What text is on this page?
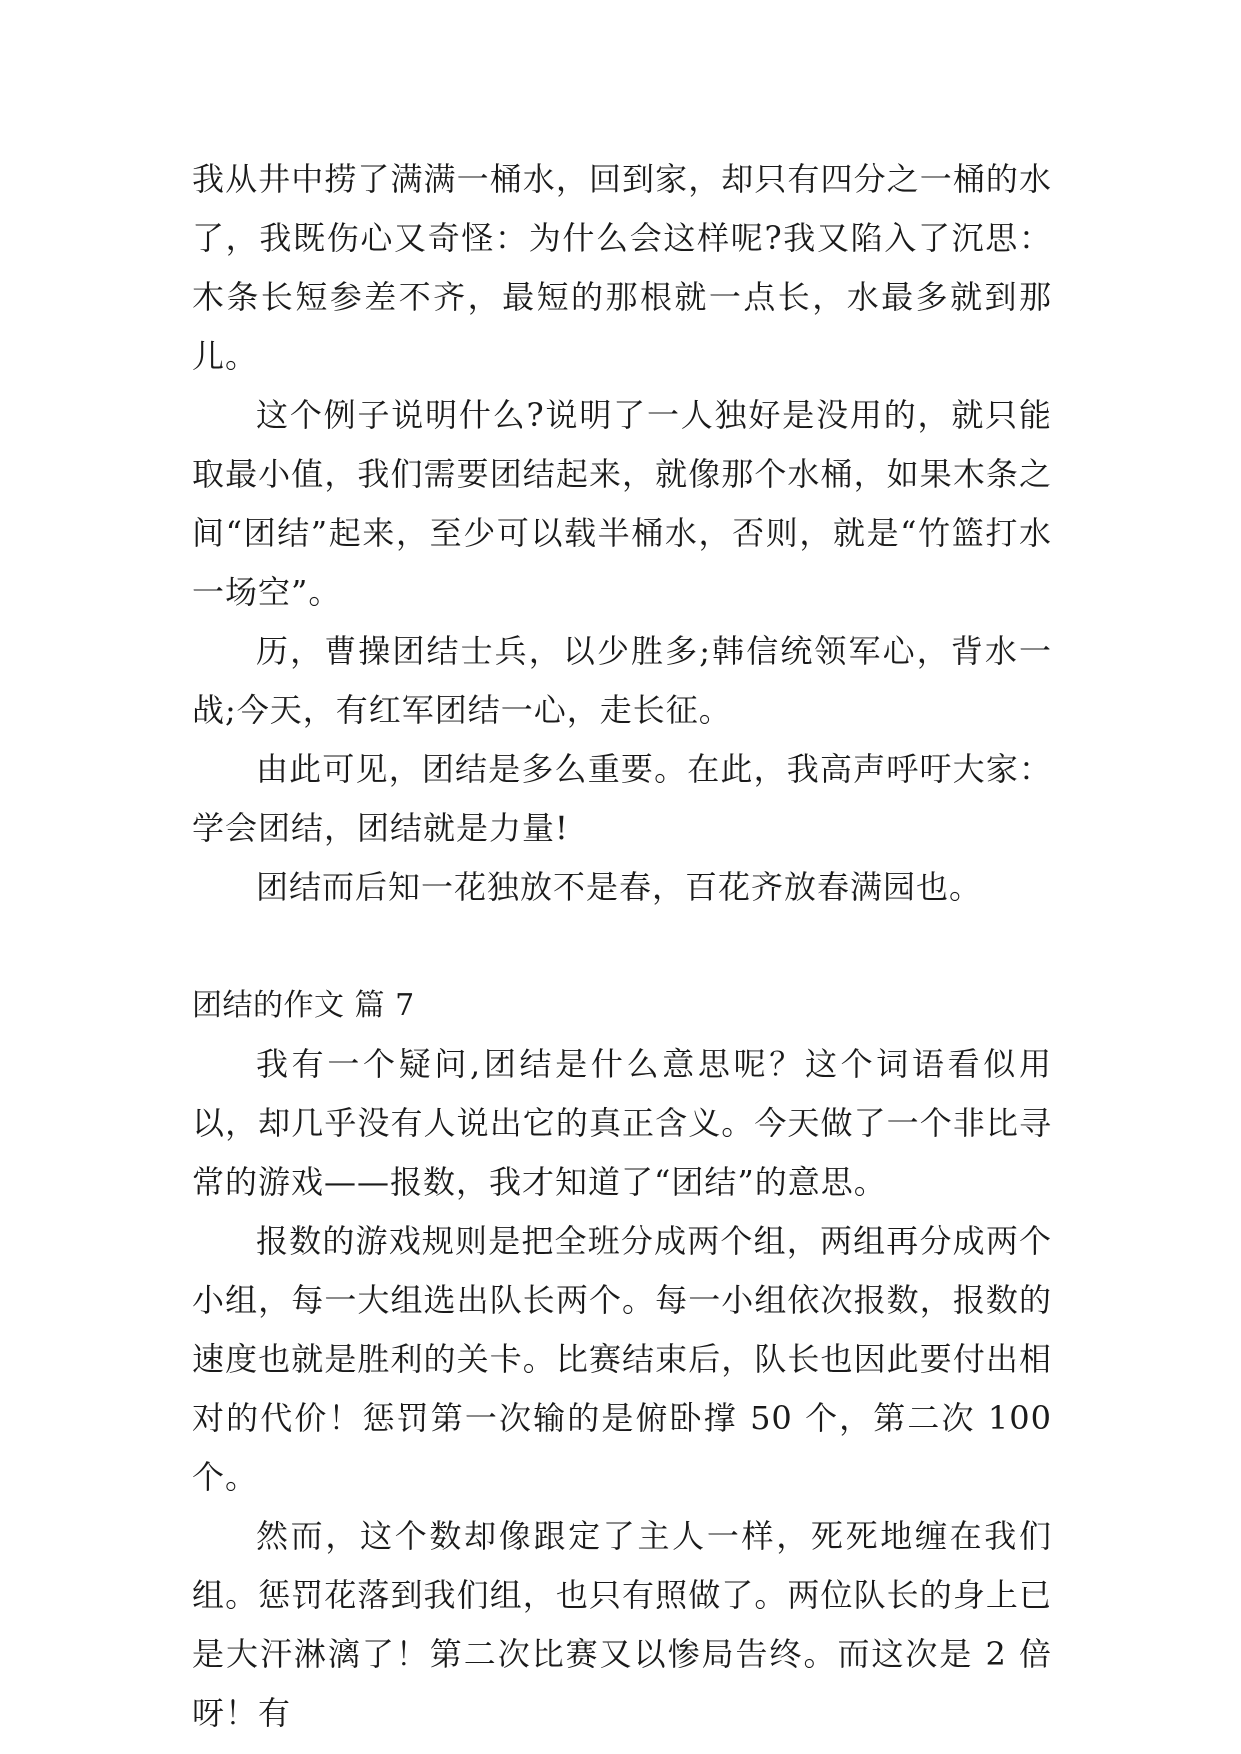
我从井中捞了满满一桶水，回到家，却只有四分之一桶的水了，我既伤心又奇怪：为什么会这样呢?我又陷入了沉思：木条长短参差不齐，最短的那根就一点长，水最多就到那儿。

这个例子说明什么?说明了一人独好是没用的，就只能取最小值，我们需要团结起来，就像那个水桶，如果木条之间“团结”起来，至少可以载半桶水，否则，就是“竹篮打水一场空”。

历，曹操团结士兵，以少胜多;韩信统领军心，背水一战;今天，有红军团结一心，走长征。

由此可见，团结是多么重要。在此，我高声呼吁大家：学会团结，团结就是力量!

团结而后知一花独放不是春，百花齐放春满园也。

团结的作文 篇 7

我有一个疑问,团结是什么意思呢？这个词语看似用以，却几乎没有人说出它的真正含义。今天做了一个非比寻常的游戏——报数，我才知道了“团结”的意思。

报数的游戏规则是把全班分成两个组，两组再分成两个小组，每一大组选出队长两个。每一小组依次报数，报数的速度也就是胜利的关卡。比赛结束后，队长也因此要付出相对的代价！惩罚第一次输的是俯卧撑 50 个，第二次 100 个。

然而，这个数却像跟定了主人一样，死死地缠在我们组。惩罚花落到我们组，也只有照做了。两位队长的身上已是大汗淋漓了！第二次比赛又以惨局告终。而这次是 2 倍呀！有
